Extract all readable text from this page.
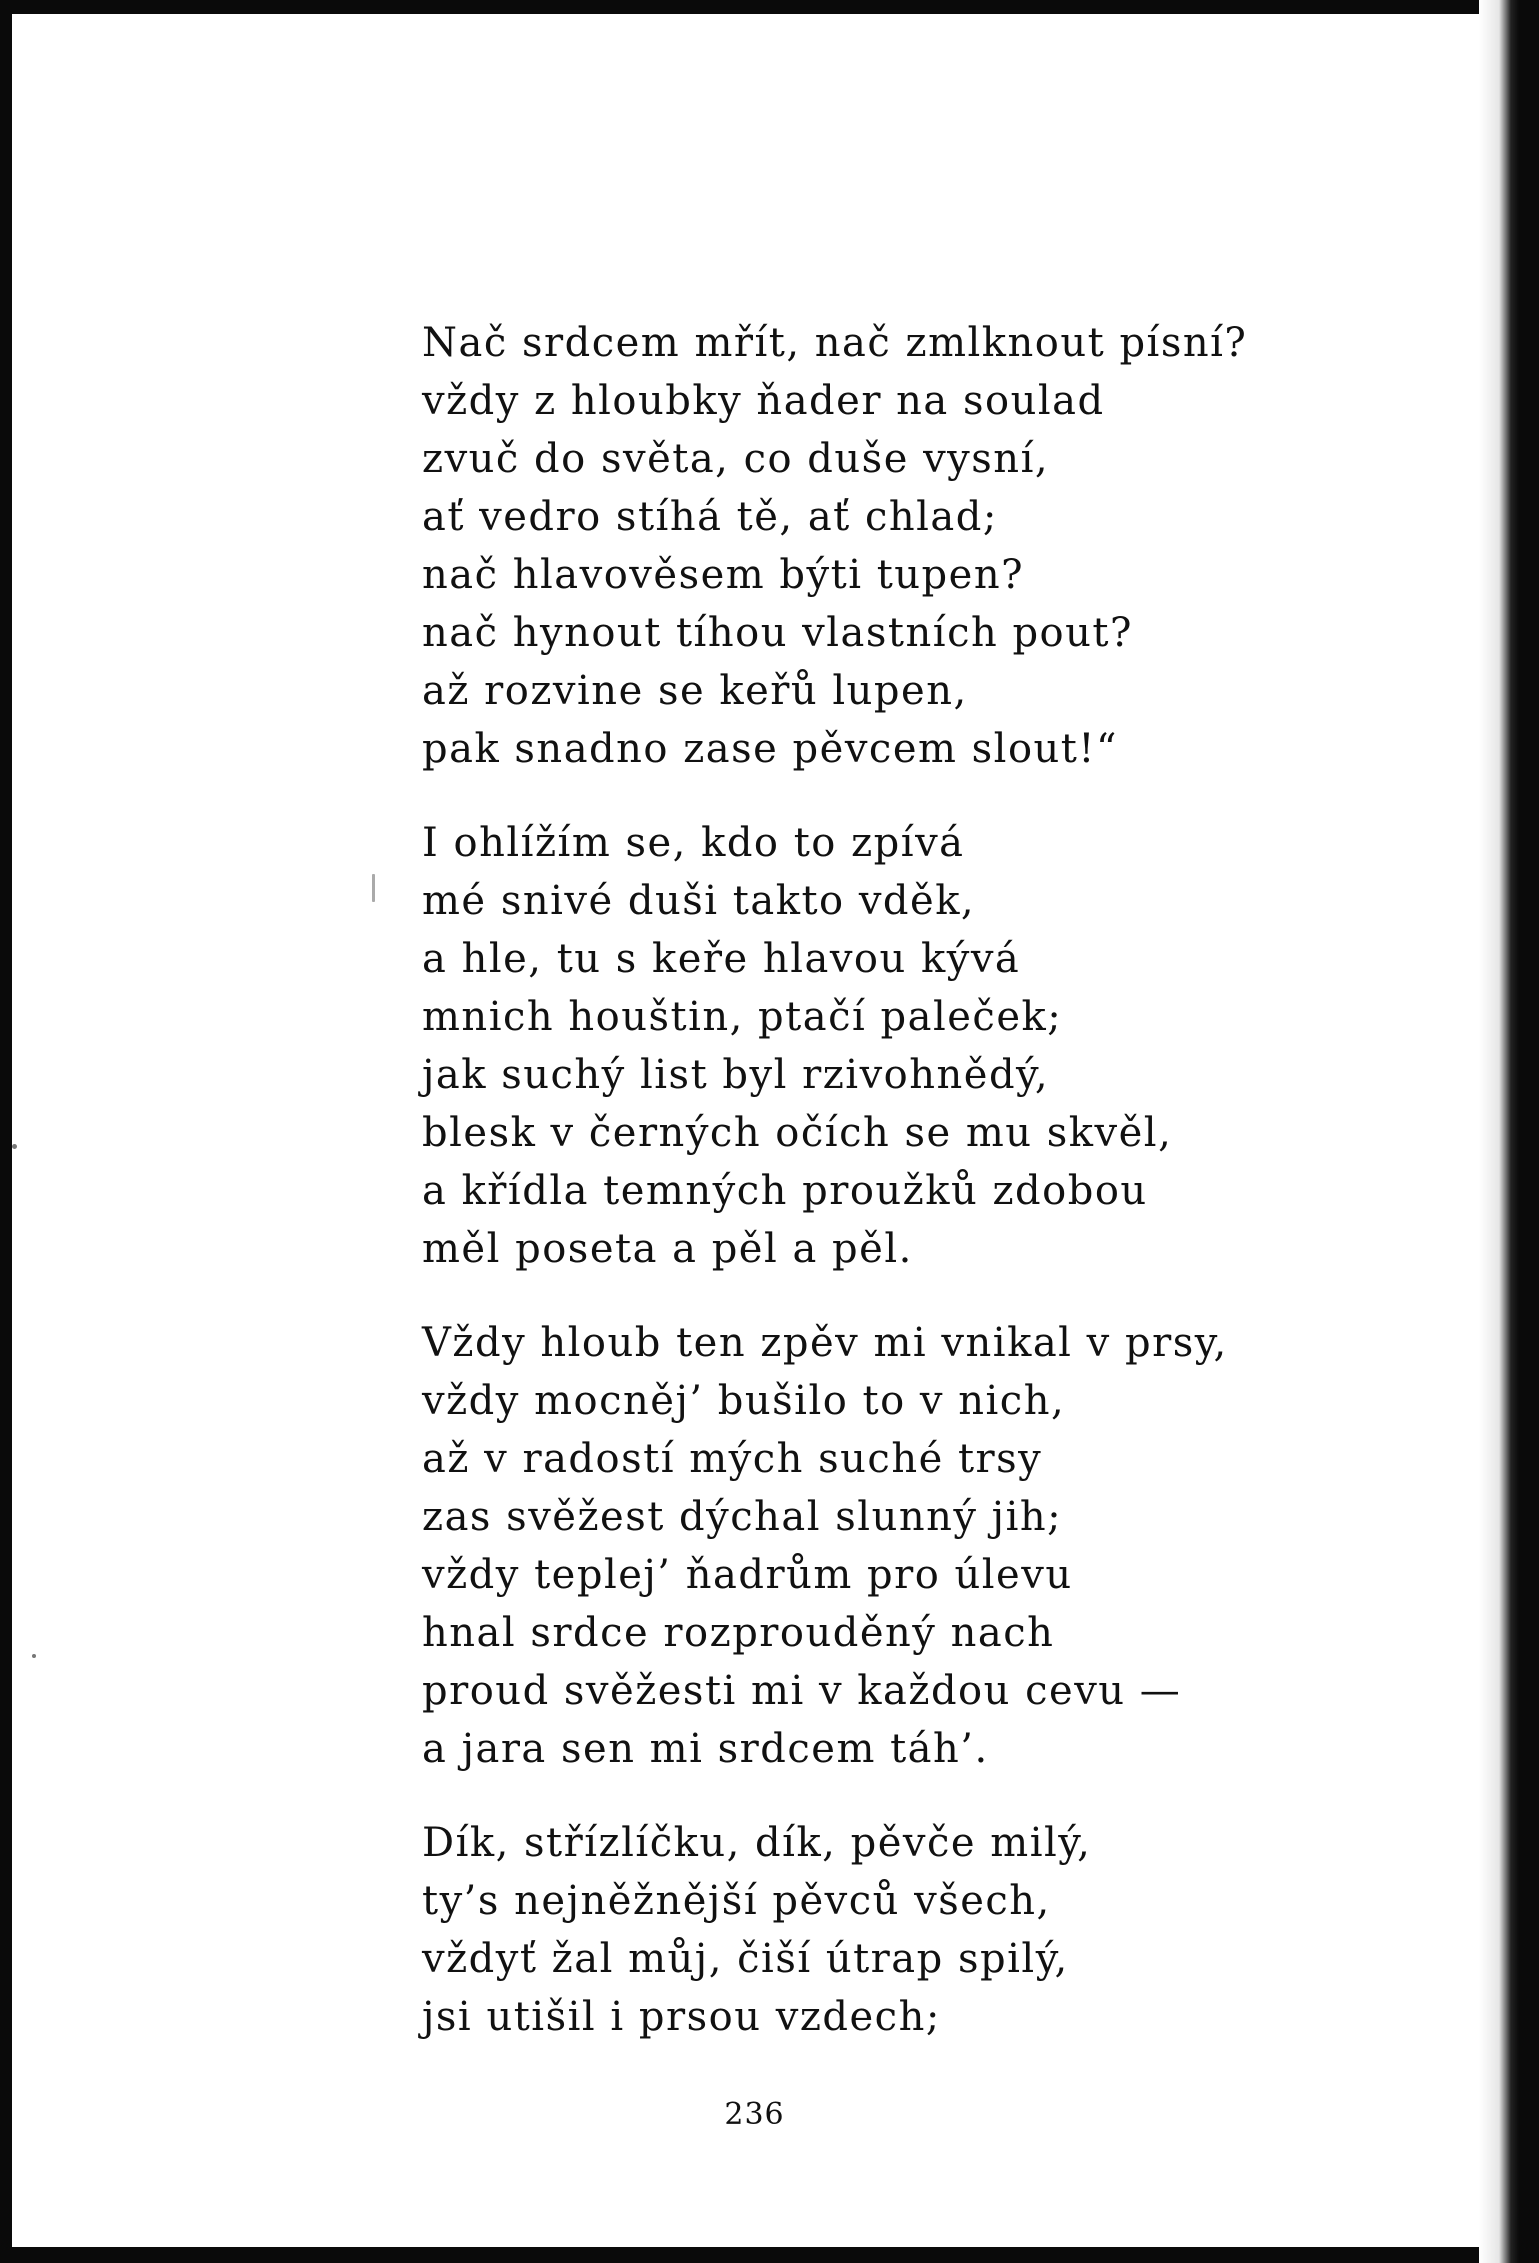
Nač srdcem mřít, nač zmlknout písní?
vždy z hloubky ňader na soulad
zvuč do světa, co duše vysní,
ať vedro stíhá tě, ať chlad;
nač hlavověsem býti tupen?
nač hynout tíhou vlastních pout?
až rozvine se keřů lupen,
pak snadno zase pěvcem slout!“
I ohlížím se, kdo to zpívá
mé snivé duši takto vděk,
a hle, tu s keře hlavou kývá
mnich houštin, ptačí paleček;
jak suchý list byl rzivohnědý,
blesk v černých očích se mu skvěl,
a křídla temných proužků zdobou
měl poseta a pěl a pěl.
Vždy hloub ten zpěv mi vnikal v prsy,
vždy mocněj’ bušilo to v nich,
až v radostí mých suché trsy
zas svěžest dýchal slunný jih;
vždy teplej’ ňadrům pro úlevu
hnal srdce rozprouděný nach
proud svěžesti mi v každou cevu —
a jara sen mi srdcem táh’.
Dík, střízlíčku, dík, pěvče milý,
ty’s nejněžnější pěvců všech,
vždyť žal můj, čiší útrap spilý,
jsi utišil i prsou vzdech;
236
